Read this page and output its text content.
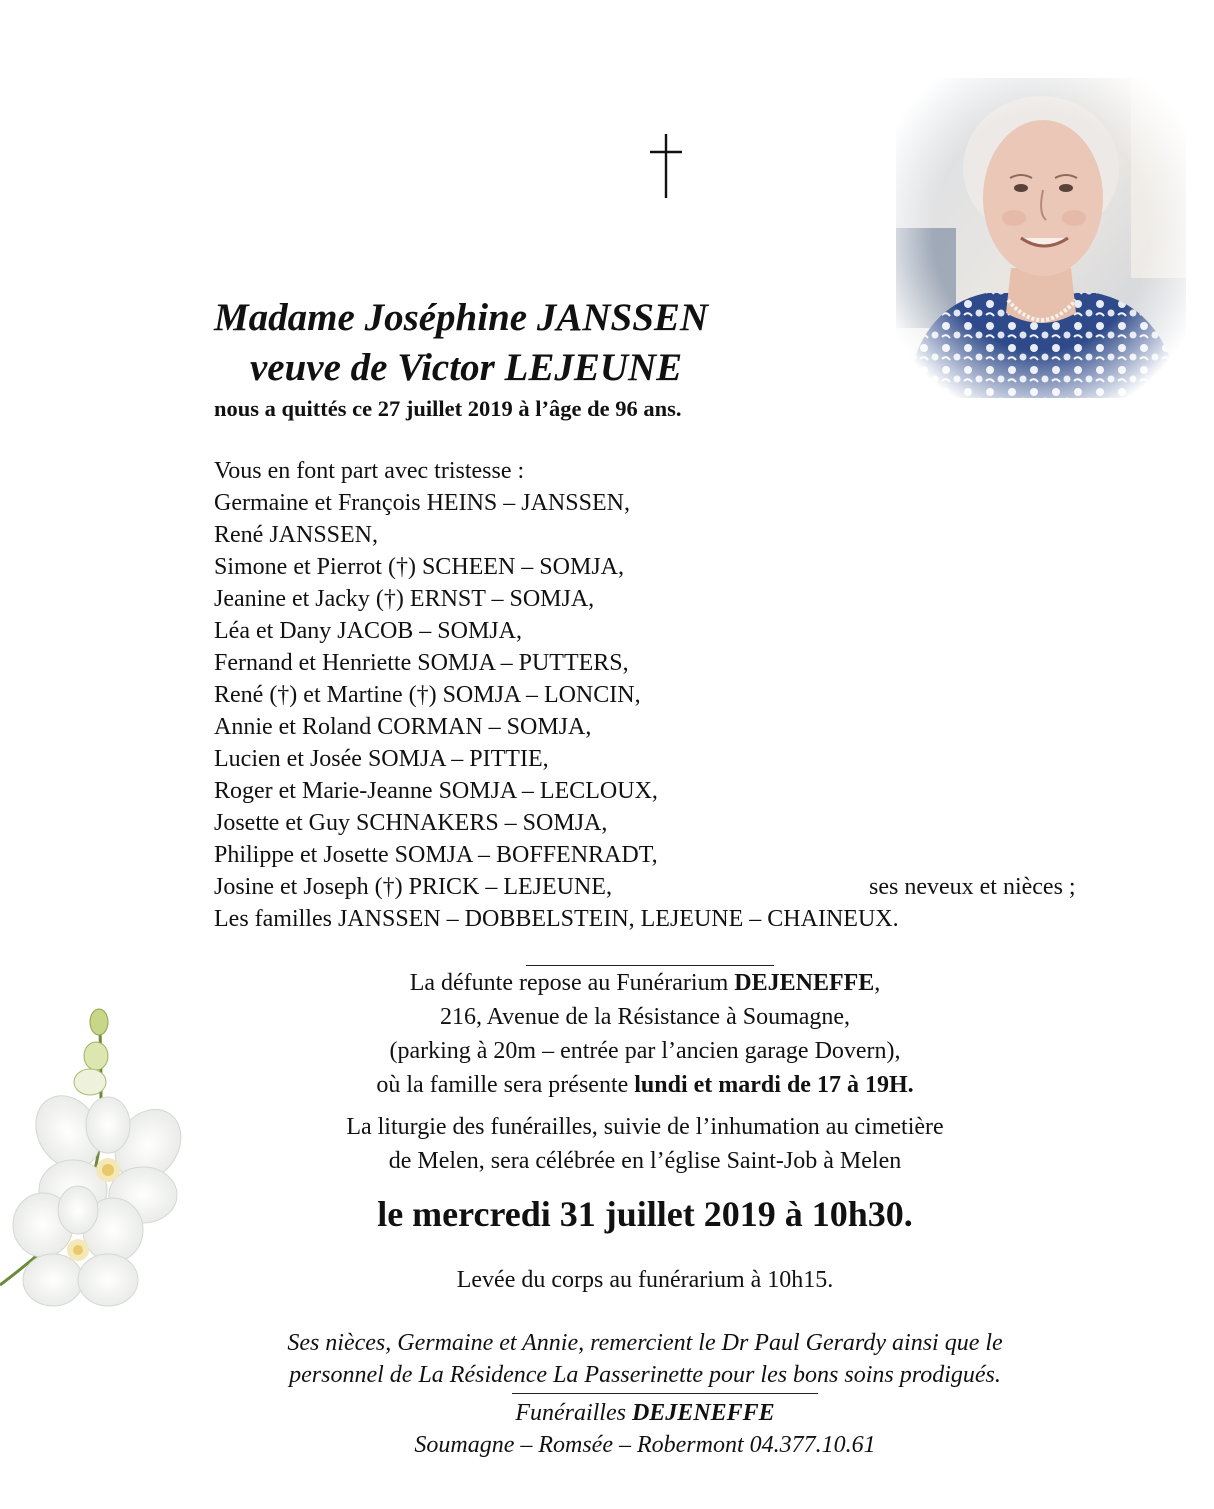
Madame Joséphine JANSSEN
veuve de Victor LEJEUNE
nous a quittés ce 27 juillet 2019 à l’âge de 96 ans.
Vous en font part avec tristesse :
Germaine et François HEINS – JANSSEN,
René JANSSEN,
Simone et Pierrot (†) SCHEEN – SOMJA,
Jeanine et Jacky (†) ERNST – SOMJA,
Léa et Dany JACOB – SOMJA,
Fernand et Henriette SOMJA – PUTTERS,
René (†) et Martine (†) SOMJA – LONCIN,
Annie et Roland CORMAN – SOMJA,
Lucien et Josée SOMJA – PITTIE,
Roger et Marie-Jeanne SOMJA – LECLOUX,
Josette et Guy SCHNAKERS – SOMJA,
Philippe et Josette SOMJA – BOFFENRADT,
Josine et Joseph (†) PRICK – LEJEUNE,
Les familles JANSSEN – DOBBELSTEIN, LEJEUNE – CHAINEUX.
ses neveux et nièces ;
La défunte repose au Funérarium DEJENEFFE,
216, Avenue de la Résistance à Soumagne,
(parking à 20m – entrée par l’ancien garage Dovern),
où la famille sera présente lundi et mardi de 17 à 19H.
La liturgie des funérailles, suivie de l’inhumation au cimetière
de Melen, sera célébrée en l’église Saint-Job à Melen
le mercredi 31 juillet 2019 à 10h30.
Levée du corps au funérarium à 10h15.
Ses nièces, Germaine et Annie, remercient le Dr Paul Gerardy ainsi que le
personnel de La Résidence La Passerinette pour les bons soins prodigués.
Funérailles DEJENEFFE
Soumagne – Romsée – Robermont 04.377.10.61
